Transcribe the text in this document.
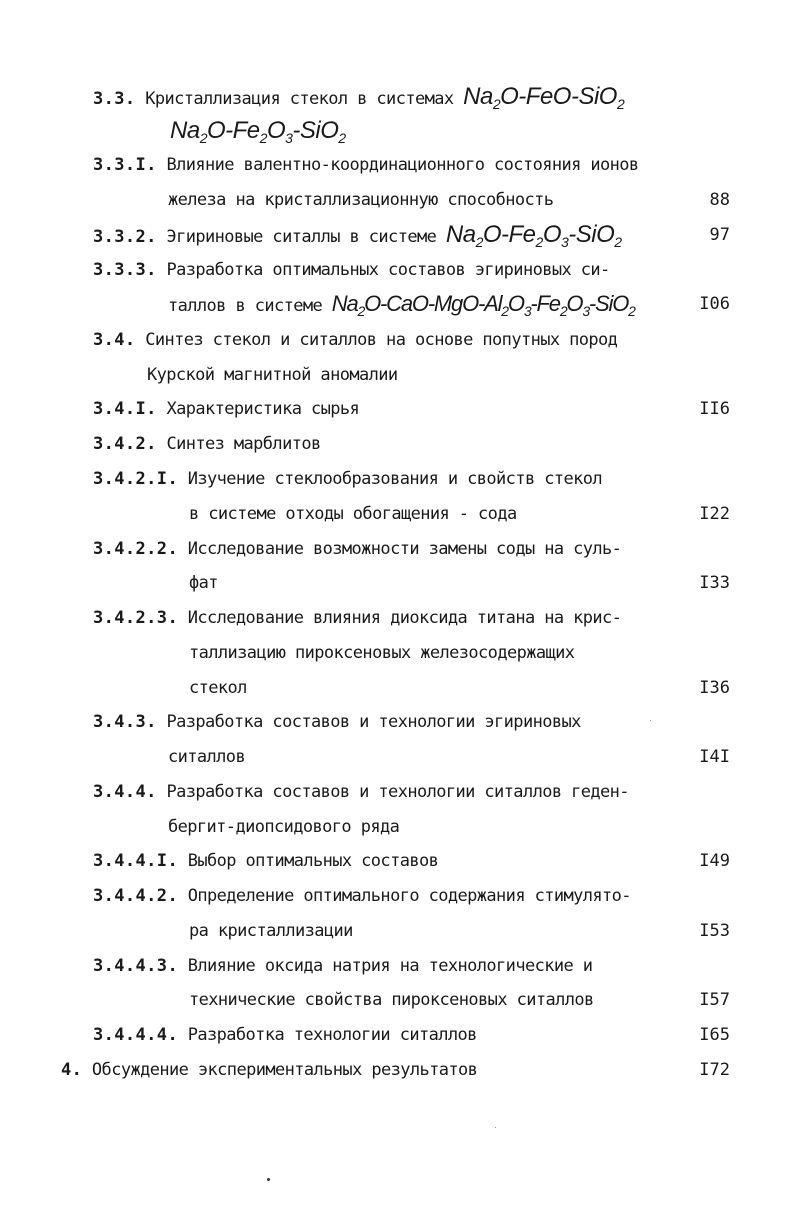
3.3. Кристаллизация стекол в системах $Na_2O-FeO-SiO_2$
$Na_2O-Fe_2O_3-SiO_2$
3.3.I. Влияние валентно-координационного состояния ионов
железа на кристаллизационную способность	88
3.3.2. Эгириновые ситаллы в системе $Na_2O-Fe_2O_3-SiO_2$	97
3.3.3. Разработка оптимальных составов эгириновых си-
таллов в системе $Na_2O-CaO-MgO-Al_2O_3-Fe_2O_3-SiO_2$	I06
3.4. Синтез стекол и ситаллов на основе попутных пород
Курской магнитной аномалии
3.4.I. Характеристика сырья	II6
3.4.2. Синтез марблитов
3.4.2.I. Изучение стеклообразования и свойств стекол
в системе отходы обогащения - сода	I22
3.4.2.2. Исследование возможности замены соды на суль-
фат	I33
3.4.2.3. Исследование влияния диоксида титана на крис-
таллизацию пироксеновых железосодержащих
стекол	I36
3.4.3. Разработка составов и технологии эгириновых
ситаллов	I4I
3.4.4. Разработка составов и технологии ситаллов геден-
бергит-диопсидового ряда
3.4.4.I. Выбор оптимальных составов	I49
3.4.4.2. Определение оптимального содержания стимулято-
ра кристаллизации	I53
3.4.4.3. Влияние оксида натрия на технологические и
технические свойства пироксеновых ситаллов	I57
3.4.4.4. Разработка технологии ситаллов	I65
4. Обсуждение экспериментальных результатов	I72
